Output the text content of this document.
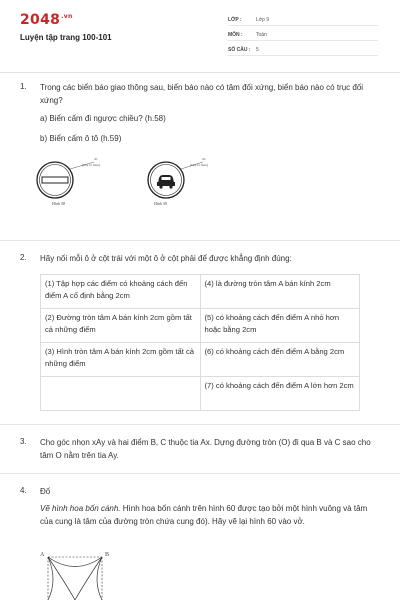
$2048^{.vn}$
Luyện tập trang 100-101
LỚP :	Lớp 9
MÔN :	Toán
SỐ CÂU : 5
1. Trong các biển báo giao thông sau, biển báo nào có tâm đối xứng, biển báo nào có trục đối xứng?
a) Biển cấm đi ngược chiều? (h.58)
b) Biển cấm ô tô (h.59)
đỏ
(hãy tô màu)
Hình 58
đỏ
(hãy tô màu)
Hình 59
2. Hãy nối mỗi ô ở cột trái với một ô ở cột phải để được khẳng định đúng:
(1) Tập hợp các điểm có khoảng cách đến điểm A cố định bằng 2cm	(4) là đường tròn tâm A bán kính 2cm
(2) Đường tròn tâm A bán kính 2cm gồm tất cả những điểm	(5) có khoảng cách đến điểm A nhỏ hơn hoặc bằng 2cm
(3) Hình tròn tâm A bán kính 2cm gồm tất cả những điểm	(6) có khoảng cách đến điểm A bằng 2cm
	(7) có khoảng cách đến điểm A lớn hơn 2cm
3. Cho góc nhọn xAy và hai điểm B, C thuộc tia Ax. Dựng đường tròn (O) đi qua B và C sao cho tâm O nằm trên tia Ay.
4. Đố
Vẽ hình hoa bốn cánh. Hình hoa bốn cánh trên hình 60 được tạo bởi một hình vuông và tâm của cung là tâm của đường tròn chứa cung đó). Hãy vẽ lại hình 60 vào vở.
A	B
